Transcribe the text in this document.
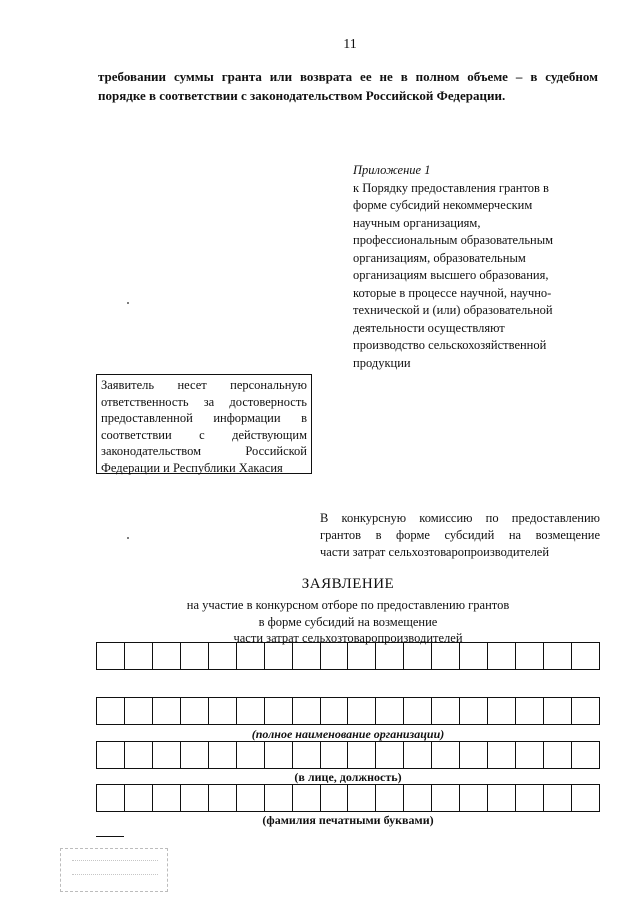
11
требовании суммы гранта или возврата ее не в полном объеме – в судебном
порядке в соответствии с законодательством Российской Федерации.
Приложение 1
к Порядку предоставления грантов в
форме субсидий некоммерческим
научным организациям,
профессиональным образовательным
организациям, образовательным
организациям высшего образования,
которые в процессе научной, научно-
технической и (или) образовательной
деятельности осуществляют
производство сельскохозяйственной
продукции
Заявитель несет персональную
ответственность за достоверность
предоставленной информации в
соответствии с действующим
законодательством Российской
Федерации и Республики Хакасия
В конкурсную комиссию по предоставлению
грантов в форме субсидий на возмещение
части затрат сельхозтоваропроизводителей
ЗАЯВЛЕНИЕ
на участие в конкурсном отборе по предоставлению грантов
в форме субсидий на возмещение
части затрат сельхозтоваропроизводителей
(полное наименование организации)
(в лице, должность)
(фамилия печатными буквами)
